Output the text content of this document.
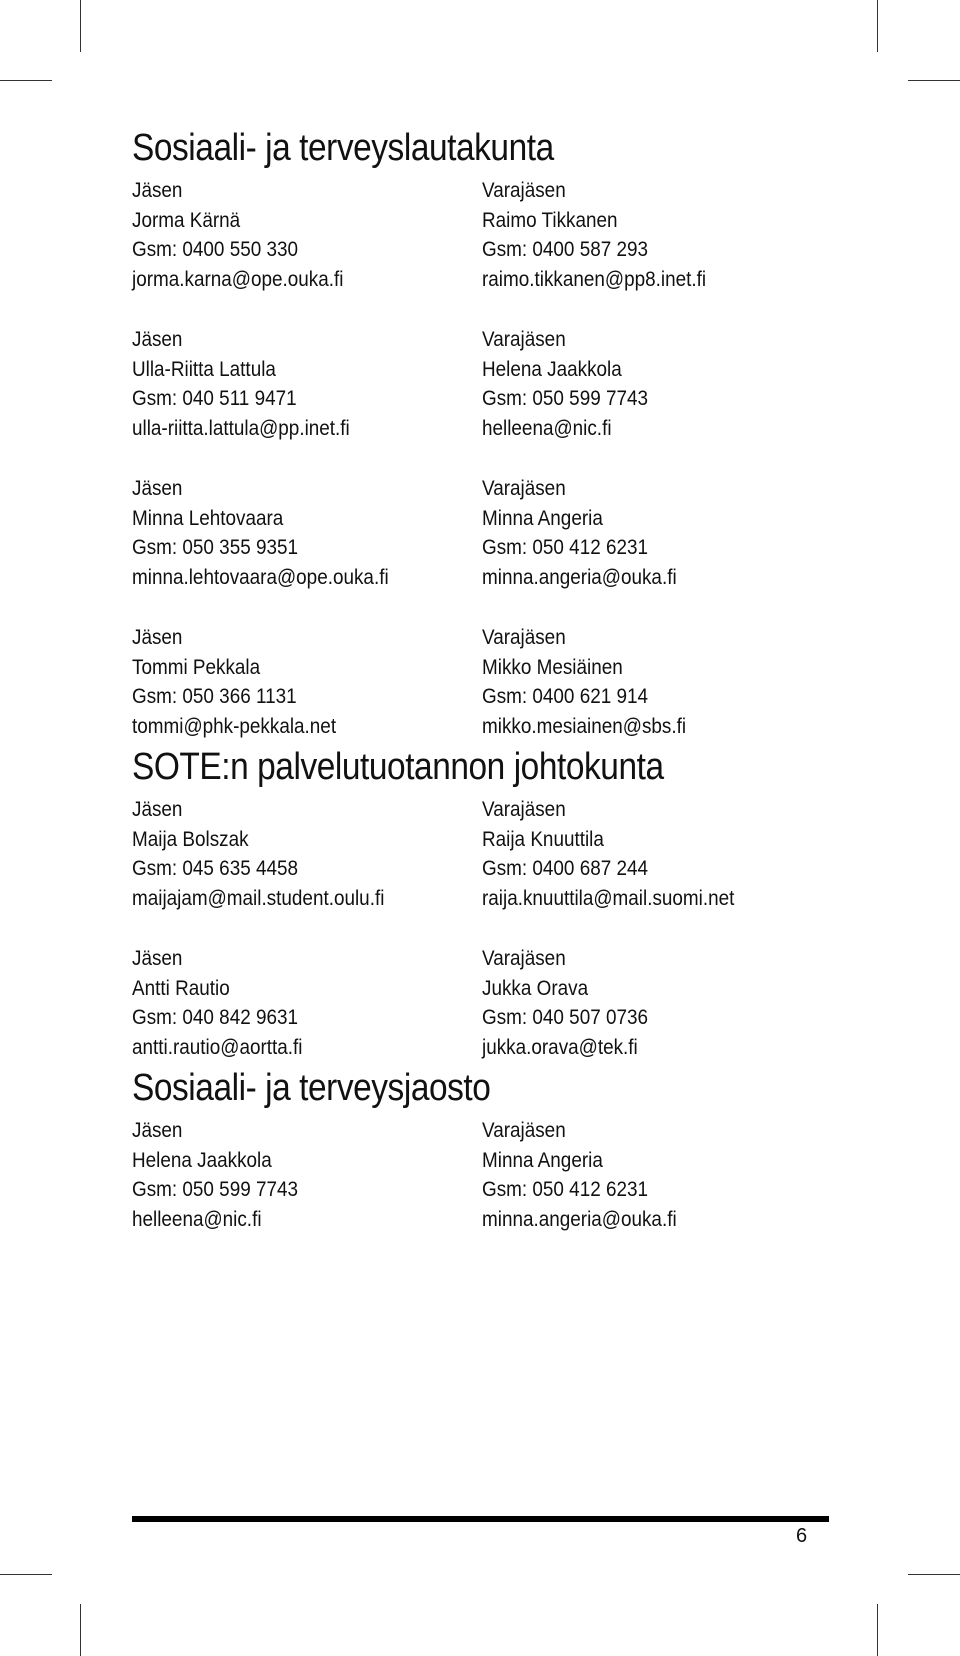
Sosiaali- ja terveyslautakunta
Jäsen
Jorma Kärnä
Gsm: 0400 550 330
jorma.karna@ope.ouka.fi
Varajäsen
Raimo Tikkanen
Gsm: 0400 587 293
raimo.tikkanen@pp8.inet.fi
Jäsen
Ulla-Riitta Lattula
Gsm: 040 511 9471
ulla-riitta.lattula@pp.inet.fi
Varajäsen
Helena Jaakkola
Gsm: 050 599 7743
helleena@nic.fi
Jäsen
Minna Lehtovaara
Gsm: 050 355 9351
minna.lehtovaara@ope.ouka.fi
Varajäsen
Minna Angeria
Gsm: 050 412 6231
minna.angeria@ouka.fi
Jäsen
Tommi Pekkala
Gsm: 050 366 1131
tommi@phk-pekkala.net
Varajäsen
Mikko Mesiäinen
Gsm: 0400 621 914
mikko.mesiainen@sbs.fi
SOTE:n palvelutuotannon johtokunta
Jäsen
Maija Bolszak
Gsm: 045 635 4458
maijajam@mail.student.oulu.fi
Varajäsen
Raija Knuuttila
Gsm: 0400 687 244
raija.knuuttila@mail.suomi.net
Jäsen
Antti Rautio
Gsm: 040 842 9631
antti.rautio@aortta.fi
Varajäsen
Jukka Orava
Gsm: 040 507 0736
jukka.orava@tek.fi
Sosiaali- ja terveysjaosto
Jäsen
Helena Jaakkola
Gsm: 050 599 7743
helleena@nic.fi
Varajäsen
Minna Angeria
Gsm: 050 412 6231
minna.angeria@ouka.fi
6
